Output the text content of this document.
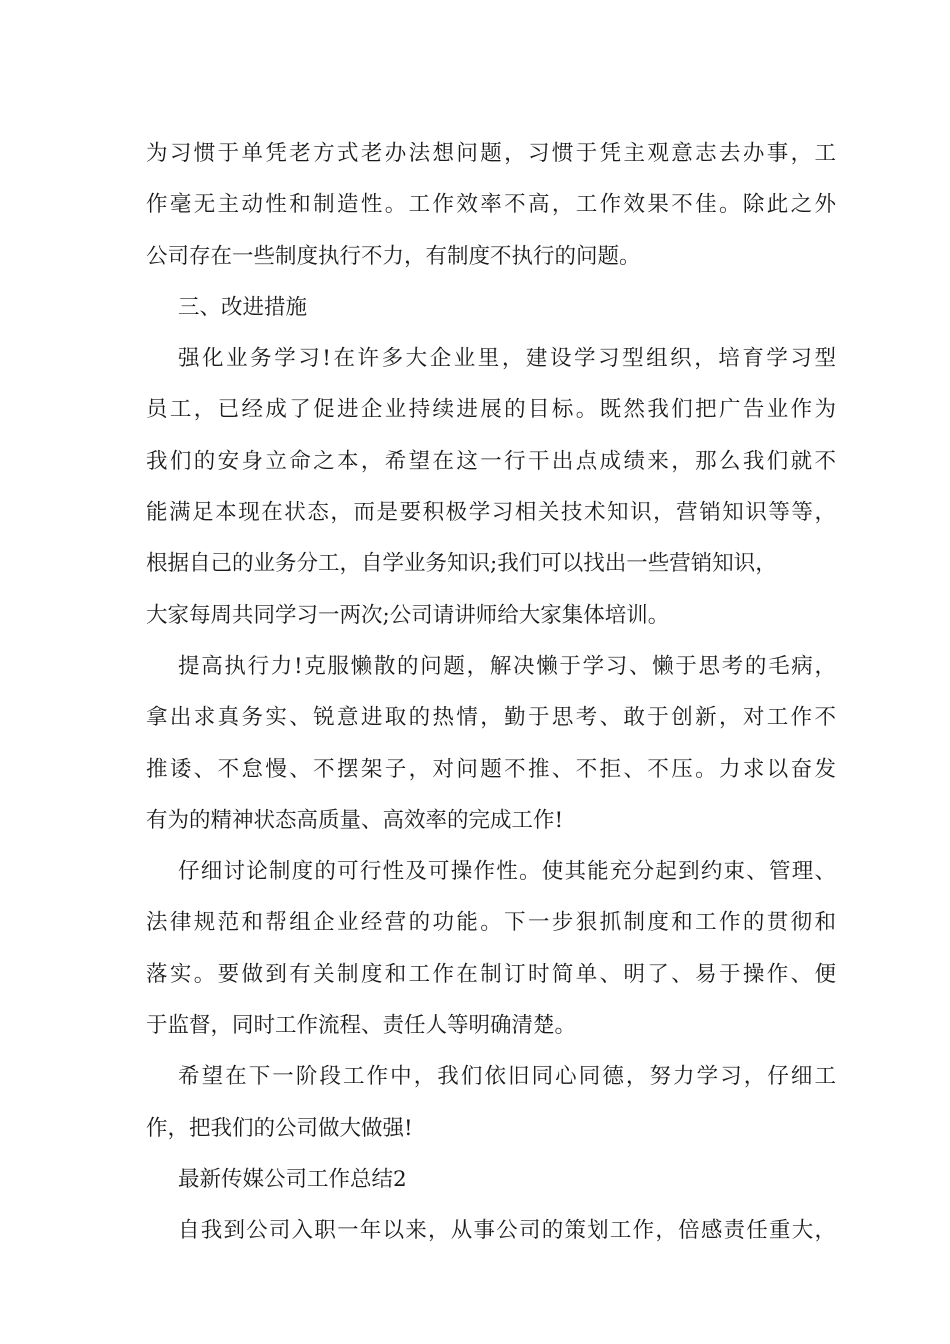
为习惯于单凭老方式老办法想问题，习惯于凭主观意志去办事，工
作毫无主动性和制造性。工作效率不高，工作效果不佳。除此之外
公司存在一些制度执行不力，有制度不执行的问题。
三、改进措施
强化业务学习!在许多大企业里，建设学习型组织，培育学习型
员工，已经成了促进企业持续进展的目标。既然我们把广告业作为
我们的安身立命之本，希望在这一行干出点成绩来，那么我们就不
能满足本现在状态，而是要积极学习相关技术知识，营销知识等等，
根据自己的业务分工，自学业务知识;我们可以找出一些营销知识，
大家每周共同学习一两次;公司请讲师给大家集体培训。
提高执行力!克服懒散的问题，解决懒于学习、懒于思考的毛病，
拿出求真务实、锐意进取的热情，勤于思考、敢于创新，对工作不
推诿、不怠慢、不摆架子，对问题不推、不拒、不压。力求以奋发
有为的精神状态高质量、高效率的完成工作!
仔细讨论制度的可行性及可操作性。使其能充分起到约束、管理、
法律规范和帮组企业经营的功能。下一步狠抓制度和工作的贯彻和
落实。要做到有关制度和工作在制订时简单、明了、易于操作、便
于监督，同时工作流程、责任人等明确清楚。
希望在下一阶段工作中，我们依旧同心同德，努力学习，仔细工
作，把我们的公司做大做强!
最新传媒公司工作总结2
自我到公司入职一年以来，从事公司的策划工作，倍感责任重大，
